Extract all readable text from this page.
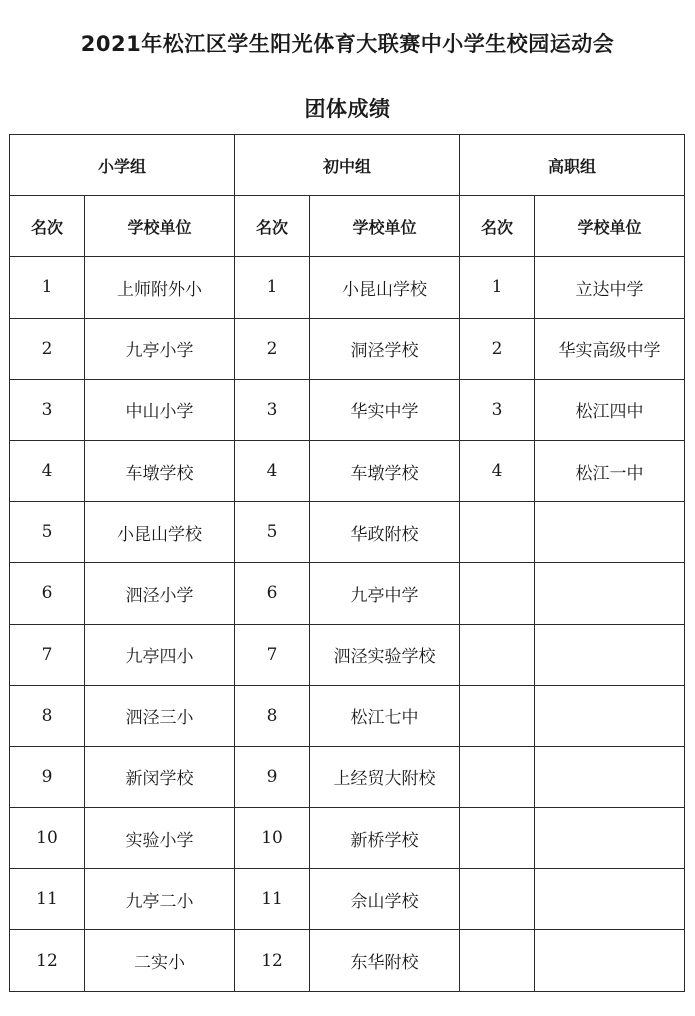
2021年松江区学生阳光体育大联赛中小学生校园运动会
团体成绩
小学组		初中组		高职组	
名次	学校单位	名次	学校单位	名次	学校单位
1	上师附外小	1	小昆山学校	1	立达中学
2	九亭小学	2	洞泾学校	2	华实高级中学
3	中山小学	3	华实中学	3	松江四中
4	车墩学校	4	车墩学校	4	松江一中
5	小昆山学校	5	华政附校		
6	泗泾小学	6	九亭中学		
7	九亭四小	7	泗泾实验学校		
8	泗泾三小	8	松江七中		
9	新闵学校	9	上经贸大附校		
10	实验小学	10	新桥学校		
11	九亭二小	11	佘山学校		
12	二实小	12	东华附校		
